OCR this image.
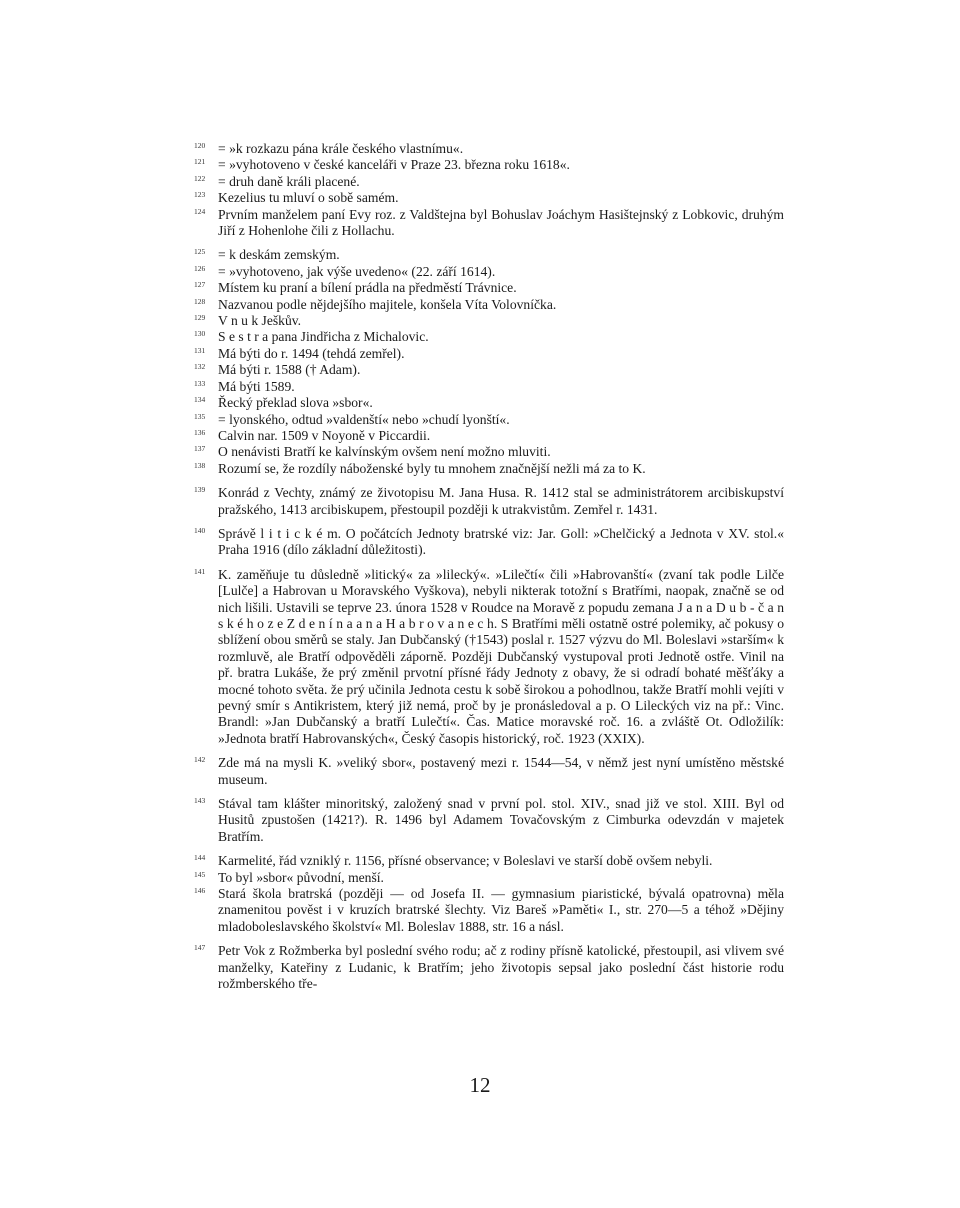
120 = »k rozkazu pána krále českého vlastnímu«.
121 = »vyhotoveno v české kanceláři v Praze 23. března roku 1618«.
122 = druh daně králi placené.
123 Kezelius tu mluví o sobě samém.
124 Prvním manželem paní Evy roz. z Valdštejna byl Bohuslav Joáchym Hasištejnský z Lobkovic, druhým Jiří z Hohenlohe čili z Hollachu.
125 = k deskám zemským.
126 = »vyhotoveno, jak výše uvedeno« (22. září 1614).
127 Místem ku praní a bílení prádla na předměstí Trávnice.
128 Nazvanou podle nějdejšího majitele, konšela Víta Volovníčka.
129 V n u k Ješkův.
130 S e s t r a pana Jindřicha z Michalovic.
131 Má býti do r. 1494 (tehdá zemřel).
132 Má býti r. 1588 († Adam).
133 Má býti 1589.
134 Řecký překlad slova »sbor«.
135 = lyonského, odtud »valdenští« nebo »chudí lyonští«.
136 Calvin nar. 1509 v Noyoně v Piccardii.
137 O nenávisti Bratří ke kalvínským ovšem není možno mluviti.
138 Rozumí se, že rozdíly náboženské byly tu mnohem značnější nežli má za to K.
139 Konrád z Vechty, známý ze životopisu M. Jana Husa. R. 1412 stal se administrátorem arcibiskupství pražského, 1413 arcibiskupem, přestoupil později k utrakvistům. Zemřel r. 1431.
140 Správě l i t i c k é m. O počátcích Jednoty bratrské viz: Jar. Goll: »Chelčický a Jednota v XV. stol.« Praha 1916 (dílo základní důležitosti).
141 K. zaměňuje tu důsledně »litický« za »lilecký«. »Lilečtí« čili »Habrovanští« (zvaní tak podle Lilče [Lulče] a Habrovan u Moravského Vyškova), nebyli nikterak totožní s Bratřími, naopak, značně se od nich lišili. Ustavili se teprve 23. února 1528 v Roudce na Moravě z popudu zemana J a n a D u b - č a n s k é h o z e Z d e n í n a a n a H a b r o v a n e c h. S Bratřími měli ostatně ostré polemiky, ač pokusy o sblížení obou směrů se staly. Jan Dubčanský (†1543) poslal r. 1527 výzvu do Ml. Boleslavi »starším« k rozmluvě, ale Bratří odpověděli záporně. Později Dubčanský vystupoval proti Jednotě ostře. Vinil na př. bratra Lukáše, že prý změnil prvotní přísné řády Jednoty z obavy, že si odradí bohaté měšťáky a mocné tohoto světa. že prý učinila Jednota cestu k sobě širokou a pohodlnou, takže Bratří mohli vejíti v pevný smír s Antikristem, který již nemá, proč by je pronásledoval a p. O Lileckých viz na př.: Vinc. Brandl: »Jan Dubčanský a bratří Lulečtí«. Čas. Matice moravské roč. 16. a zvláště Ot. Odložilík: »Jednota bratří Habrovanských«, Český časopis historický, roč. 1923 (XXIX).
142 Zde má na mysli K. »veliký sbor«, postavený mezi r. 1544—54, v němž jest nyní umístěno městské museum.
143 Stával tam klášter minoritský, založený snad v první pol. stol. XIV., snad již ve stol. XIII. Byl od Husitů zpustošen (1421?). R. 1496 byl Adamem Tovačovským z Cimburka odevzdán v majetek Bratřím.
144 Karmelité, řád vzniklý r. 1156, přísné observance; v Boleslavi ve starší době ovšem nebyli.
145 To byl »sbor« původní, menší.
146 Stará škola bratrská (později — od Josefa II. — gymnasium piaristické, bývalá opatrovna) měla znamenitou pověst i v kruzích bratrské šlechty. Viz Bareš »Paměti« I., str. 270—5 a téhož »Dějiny mladoboleslavského školství« Ml. Boleslav 1888, str. 16 a násl.
147 Petr Vok z Rožmberka byl poslední svého rodu; ač z rodiny přísně katolické, přestoupil, asi vlivem své manželky, Kateřiny z Ludanic, k Bratřím; jeho životopis sepsal jako poslední část historie rodu rožmberského tře-
12
